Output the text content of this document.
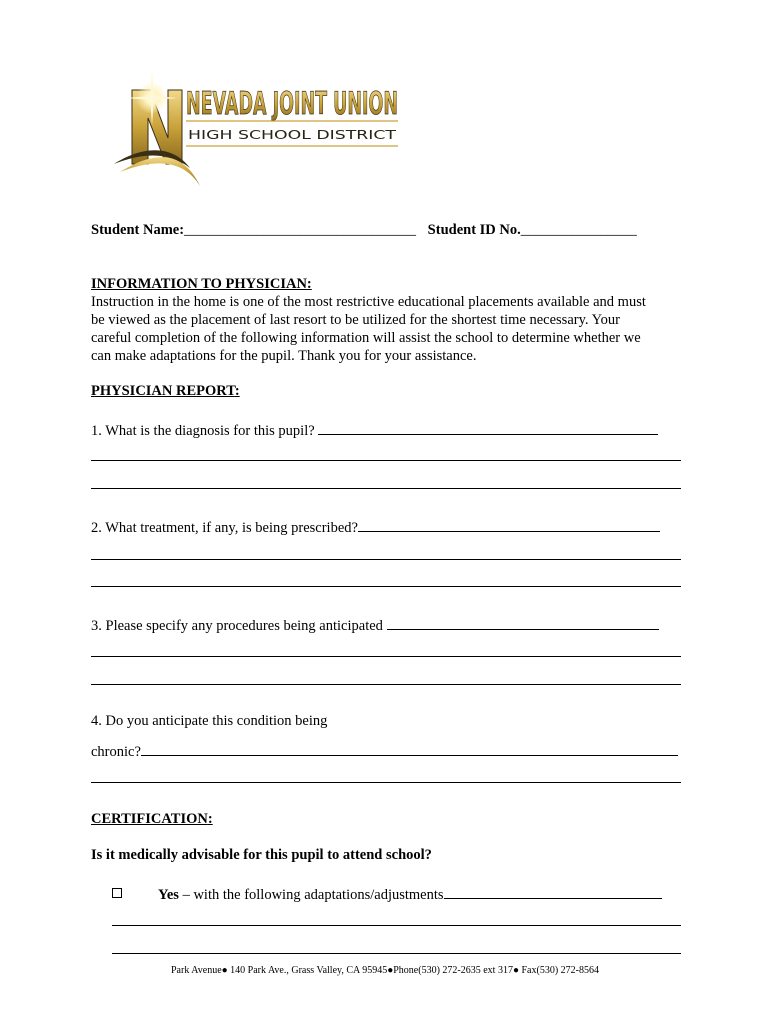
NEVADA JOINT UNION
HIGH SCHOOL DISTRICT
Student Name:________________________________ Student ID No.________________
INFORMATION TO PHYSICIAN:

Instruction in the home is one of the most restrictive educational placements available and must
be viewed as the placement of last resort to be utilized for the shortest time necessary. Your
careful completion of the following information will assist the school to determine whether we
can make adaptations for the pupil. Thank you for your assistance.

PHYSICIAN REPORT:
1. What is the diagnosis for this pupil?
2. What treatment, if any, is being prescribed?
3. Please specify any procedures being anticipated
4. Do you anticipate this condition being
chronic?
CERTIFICATION:
Is it medically advisable for this pupil to attend school?
Yes – with the following adaptations/adjustments
Park Avenue● 140 Park Ave., Grass Valley, CA 95945●Phone(530) 272-2635 ext 317● Fax(530) 272-8564
